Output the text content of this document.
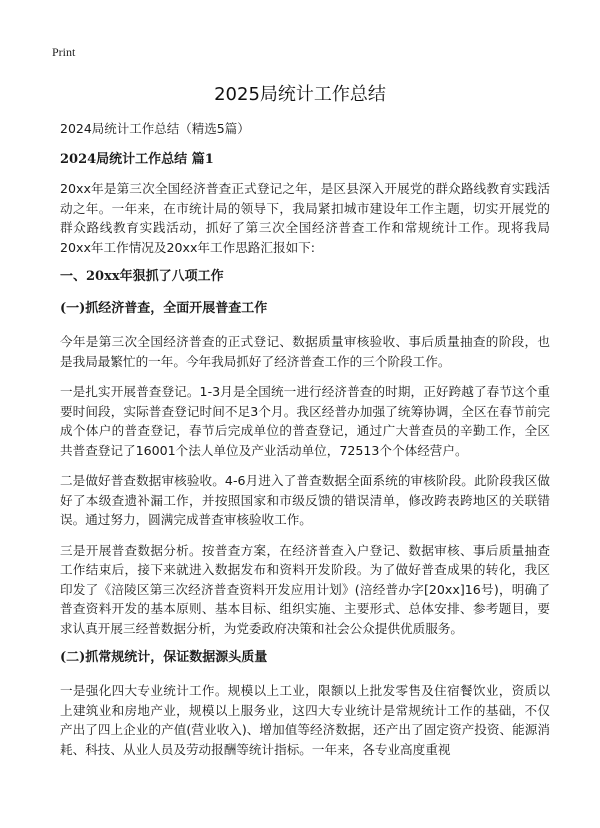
Print
2025局统计工作总结

2024局统计工作总结（精选5篇）

2024局统计工作总结 篇1

20xx年是第三次全国经济普查正式登记之年，是区县深入开展党的群众路线教育实践活动之年。一年来，在市统计局的领导下，我局紧扣城市建设年工作主题，切实开展党的群众路线教育实践活动，抓好了第三次全国经济普查工作和常规统计工作。现将我局20xx年工作情况及20xx年工作思路汇报如下:

一、20xx年狠抓了八项工作

(一)抓经济普查，全面开展普查工作

今年是第三次全国经济普查的正式登记、数据质量审核验收、事后质量抽查的阶段，也是我局最繁忙的一年。今年我局抓好了经济普查工作的三个阶段工作。

一是扎实开展普查登记。1-3月是全国统一进行经济普查的时期，正好跨越了春节这个重要时间段，实际普查登记时间不足3个月。我区经普办加强了统筹协调，全区在春节前完成个体户的普查登记，春节后完成单位的普查登记，通过广大普查员的辛勤工作，全区共普查登记了16001个法人单位及产业活动单位，72513个个体经营户。

二是做好普查数据审核验收。4-6月进入了普查数据全面系统的审核阶段。此阶段我区做好了本级查遗补漏工作，并按照国家和市级反馈的错误清单，修改跨表跨地区的关联错误。通过努力，圆满完成普查审核验收工作。

三是开展普查数据分析。按普查方案，在经济普查入户登记、数据审核、事后质量抽查工作结束后，接下来就进入数据发布和资料开发阶段。为了做好普查成果的转化，我区印发了《涪陵区第三次经济普查资料开发应用计划》(涪经普办字[20xx]16号)，明确了普查资料开发的基本原则、基本目标、组织实施、主要形式、总体安排、参考题目，要求认真开展三经普数据分析，为党委政府决策和社会公众提供优质服务。

(二)抓常规统计，保证数据源头质量

一是强化四大专业统计工作。规模以上工业，限额以上批发零售及住宿餐饮业，资质以上建筑业和房地产业，规模以上服务业，这四大专业统计是常规统计工作的基础，不仅产出了四上企业的产值(营业收入)、增加值等经济数据，还产出了固定资产投资、能源消耗、科技、从业人员及劳动报酬等统计指标。一年来，各专业高度重视
